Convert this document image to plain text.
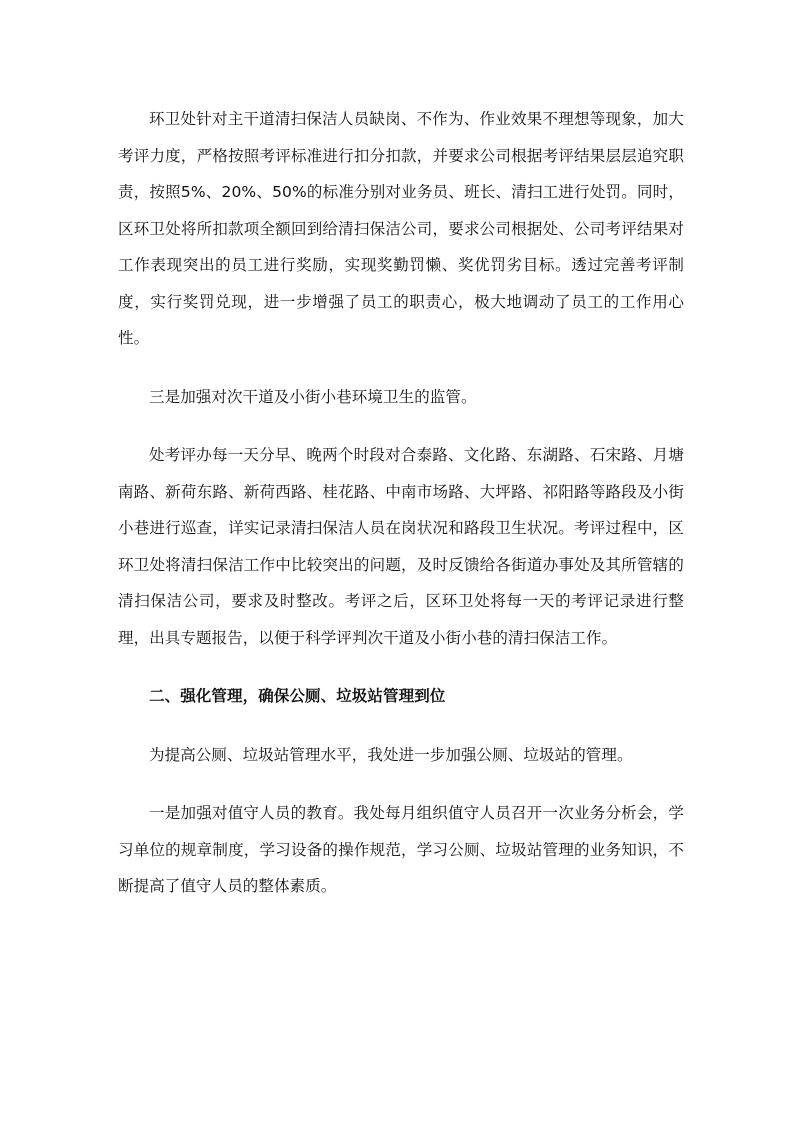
环卫处针对主干道清扫保洁人员缺岗、不作为、作业效果不理想等现象，加大考评力度，严格按照考评标准进行扣分扣款，并要求公司根据考评结果层层追究职责，按照5%、20%、50%的标准分别对业务员、班长、清扫工进行处罚。同时，区环卫处将所扣款项全额回到给清扫保洁公司，要求公司根据处、公司考评结果对工作表现突出的员工进行奖励，实现奖勤罚懒、奖优罚劣目标。透过完善考评制度，实行奖罚兑现，进一步增强了员工的职责心，极大地调动了员工的工作用心性。

三是加强对次干道及小街小巷环境卫生的监管。

处考评办每一天分早、晚两个时段对合泰路、文化路、东湖路、石宋路、月塘南路、新荷东路、新荷西路、桂花路、中南市场路、大坪路、祁阳路等路段及小街小巷进行巡查，详实记录清扫保洁人员在岗状况和路段卫生状况。考评过程中，区环卫处将清扫保洁工作中比较突出的问题，及时反馈给各街道办事处及其所管辖的清扫保洁公司，要求及时整改。考评之后，区环卫处将每一天的考评记录进行整理，出具专题报告，以便于科学评判次干道及小街小巷的清扫保洁工作。

二、强化管理，确保公厕、垃圾站管理到位

为提高公厕、垃圾站管理水平，我处进一步加强公厕、垃圾站的管理。

一是加强对值守人员的教育。我处每月组织值守人员召开一次业务分析会，学习单位的规章制度，学习设备的操作规范，学习公厕、垃圾站管理的业务知识，不断提高了值守人员的整体素质。
